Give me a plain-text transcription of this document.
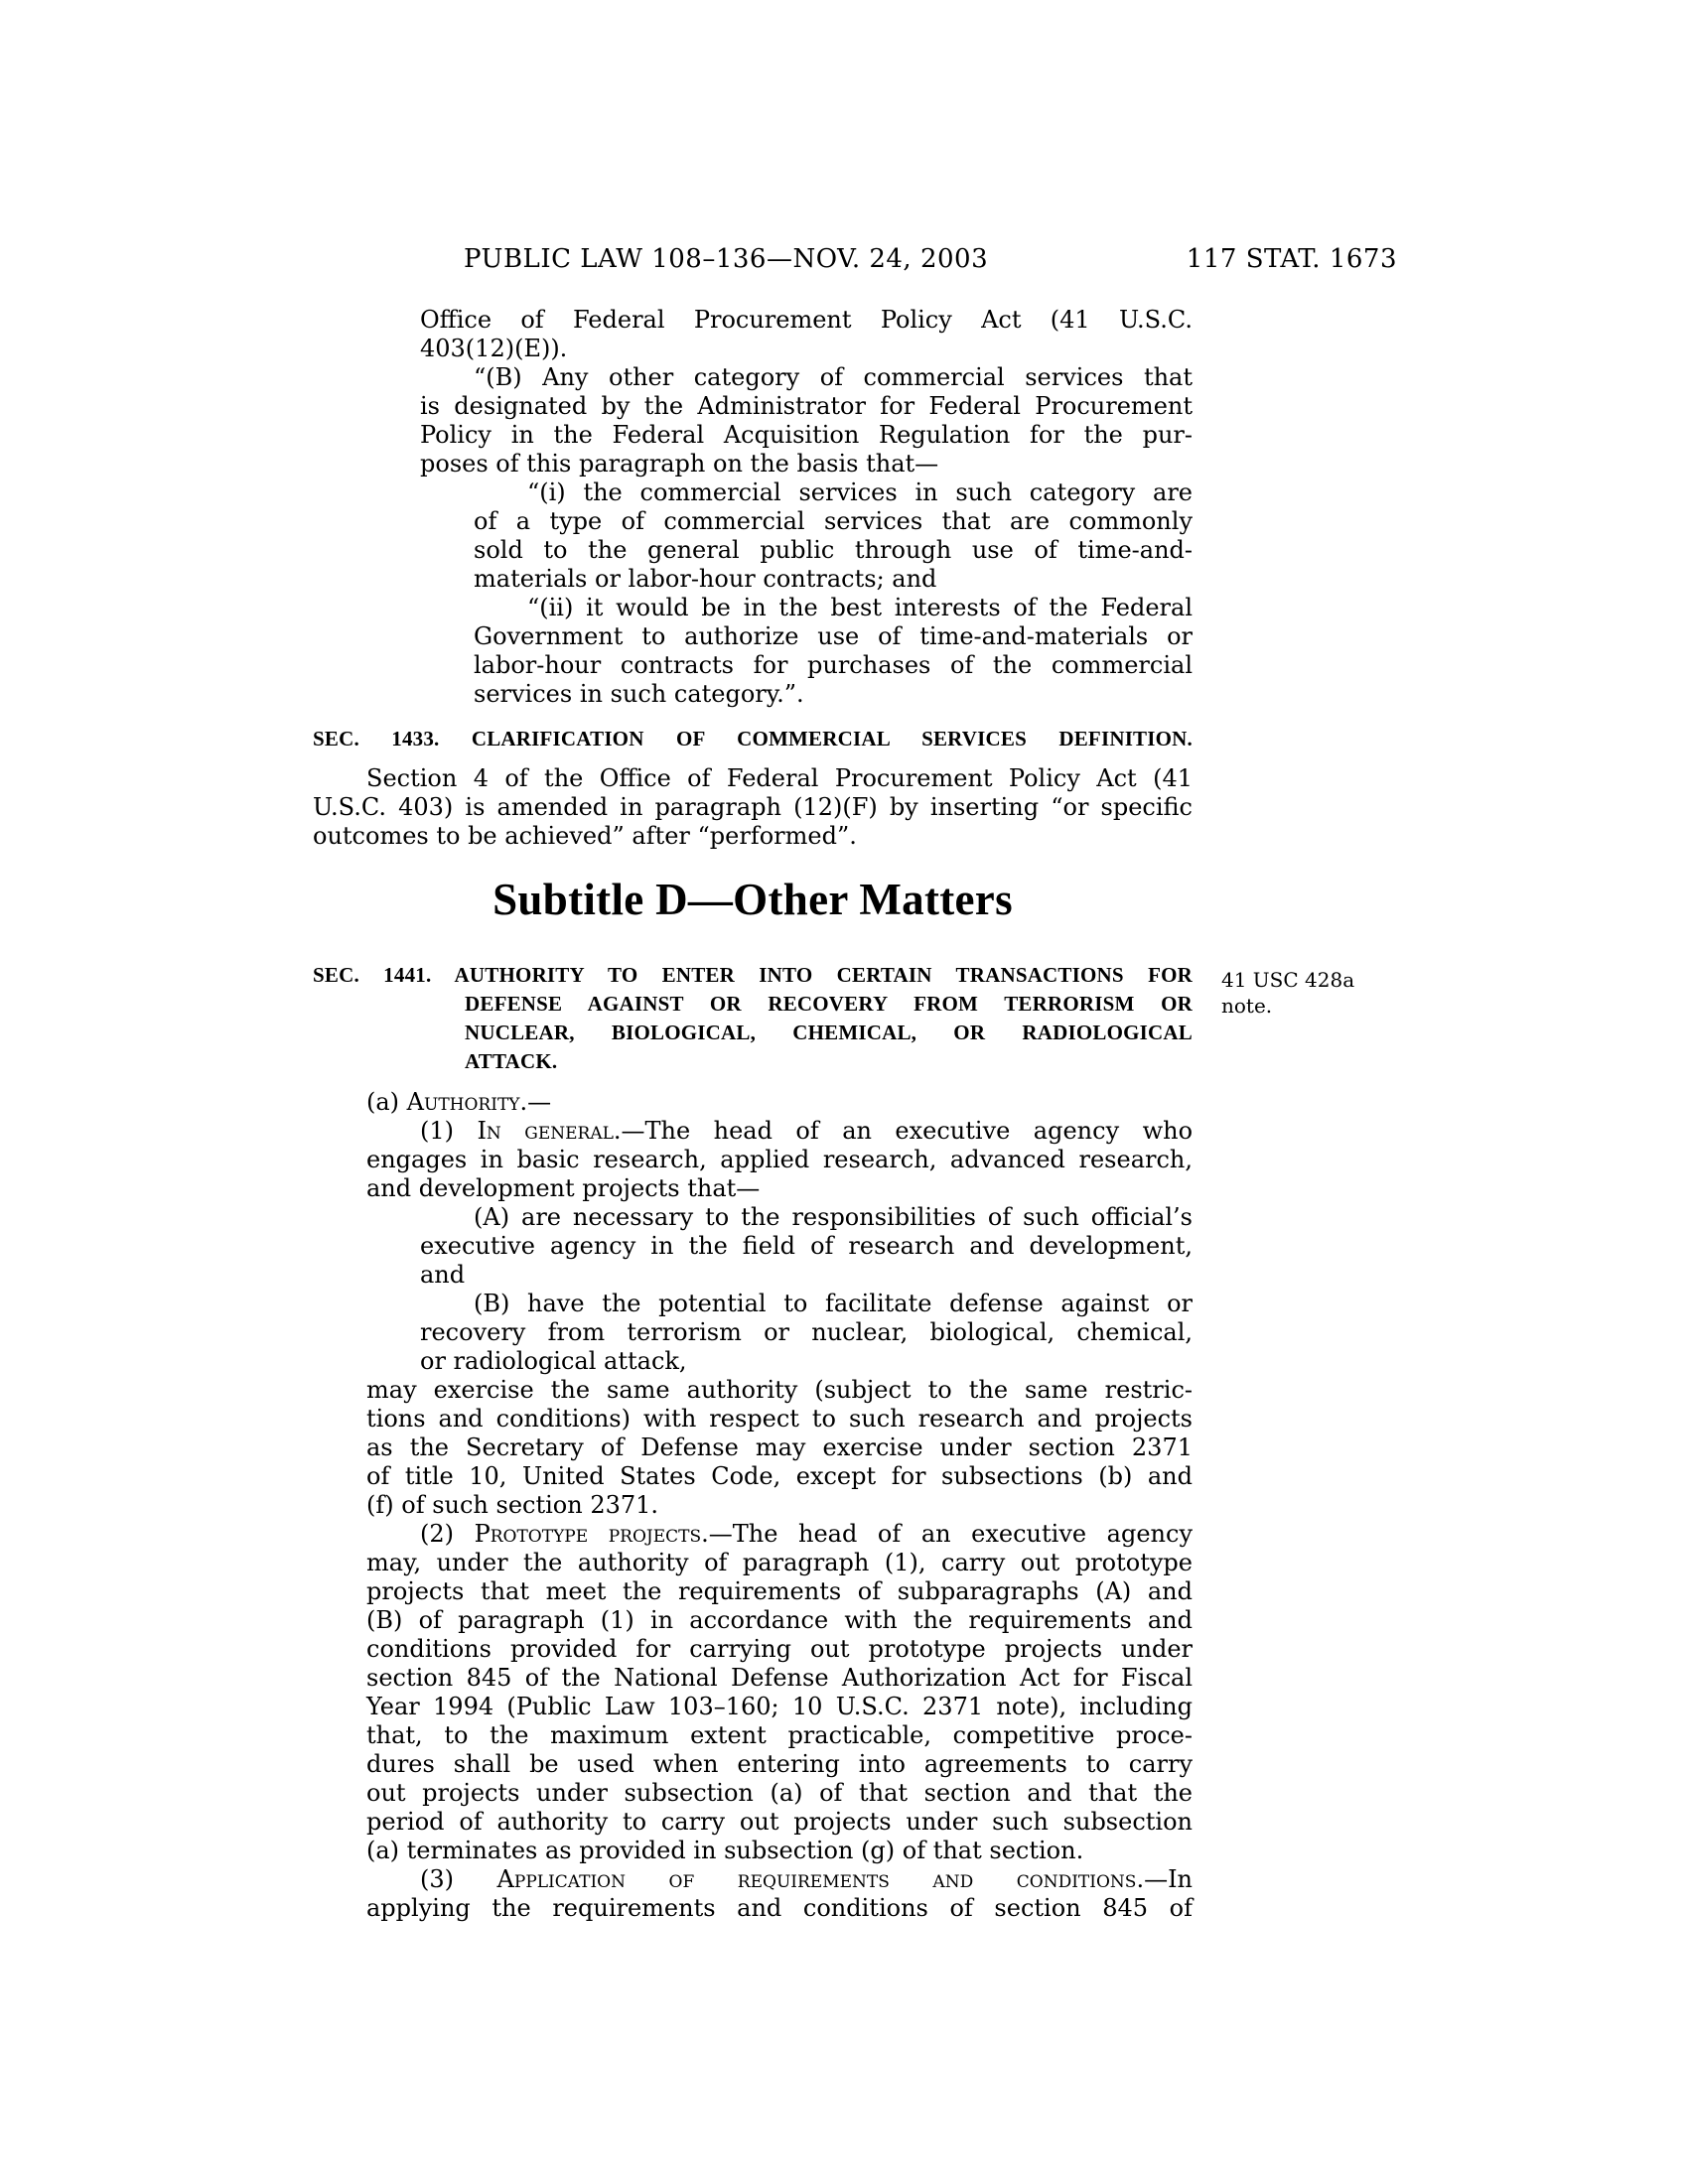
PUBLIC LAW 108–136—NOV. 24, 2003	117 STAT. 1673
Office of Federal Procurement Policy Act (41 U.S.C.
403(12)(E)).
“(B) Any other category of commercial services that
is designated by the Administrator for Federal Procurement
Policy in the Federal Acquisition Regulation for the pur-
poses of this paragraph on the basis that—
“(i) the commercial services in such category are
of a type of commercial services that are commonly
sold to the general public through use of time-and-
materials or labor-hour contracts; and
“(ii) it would be in the best interests of the Federal
Government to authorize use of time-and-materials or
labor-hour contracts for purchases of the commercial
services in such category.”.
SEC. 1433. CLARIFICATION OF COMMERCIAL SERVICES DEFINITION.
Section 4 of the Office of Federal Procurement Policy Act (41
U.S.C. 403) is amended in paragraph (12)(F) by inserting “or specific
outcomes to be achieved” after “performed”.
Subtitle D—Other Matters
SEC. 1441. AUTHORITY TO ENTER INTO CERTAIN TRANSACTIONS FOR
DEFENSE AGAINST OR RECOVERY FROM TERRORISM OR
NUCLEAR, BIOLOGICAL, CHEMICAL, OR RADIOLOGICAL
ATTACK.
(a) Authority.—
(1) In general.—The head of an executive agency who
engages in basic research, applied research, advanced research,
and development projects that—
(A) are necessary to the responsibilities of such official’s
executive agency in the field of research and development,
and
(B) have the potential to facilitate defense against or
recovery from terrorism or nuclear, biological, chemical,
or radiological attack,
may exercise the same authority (subject to the same restric-
tions and conditions) with respect to such research and projects
as the Secretary of Defense may exercise under section 2371
of title 10, United States Code, except for subsections (b) and
(f) of such section 2371.
(2) Prototype projects.—The head of an executive agency
may, under the authority of paragraph (1), carry out prototype
projects that meet the requirements of subparagraphs (A) and
(B) of paragraph (1) in accordance with the requirements and
conditions provided for carrying out prototype projects under
section 845 of the National Defense Authorization Act for Fiscal
Year 1994 (Public Law 103–160; 10 U.S.C. 2371 note), including
that, to the maximum extent practicable, competitive proce-
dures shall be used when entering into agreements to carry
out projects under subsection (a) of that section and that the
period of authority to carry out projects under such subsection
(a) terminates as provided in subsection (g) of that section.
(3) Application of requirements and conditions.—In
applying the requirements and conditions of section 845 of
41 USC 428a
note.
